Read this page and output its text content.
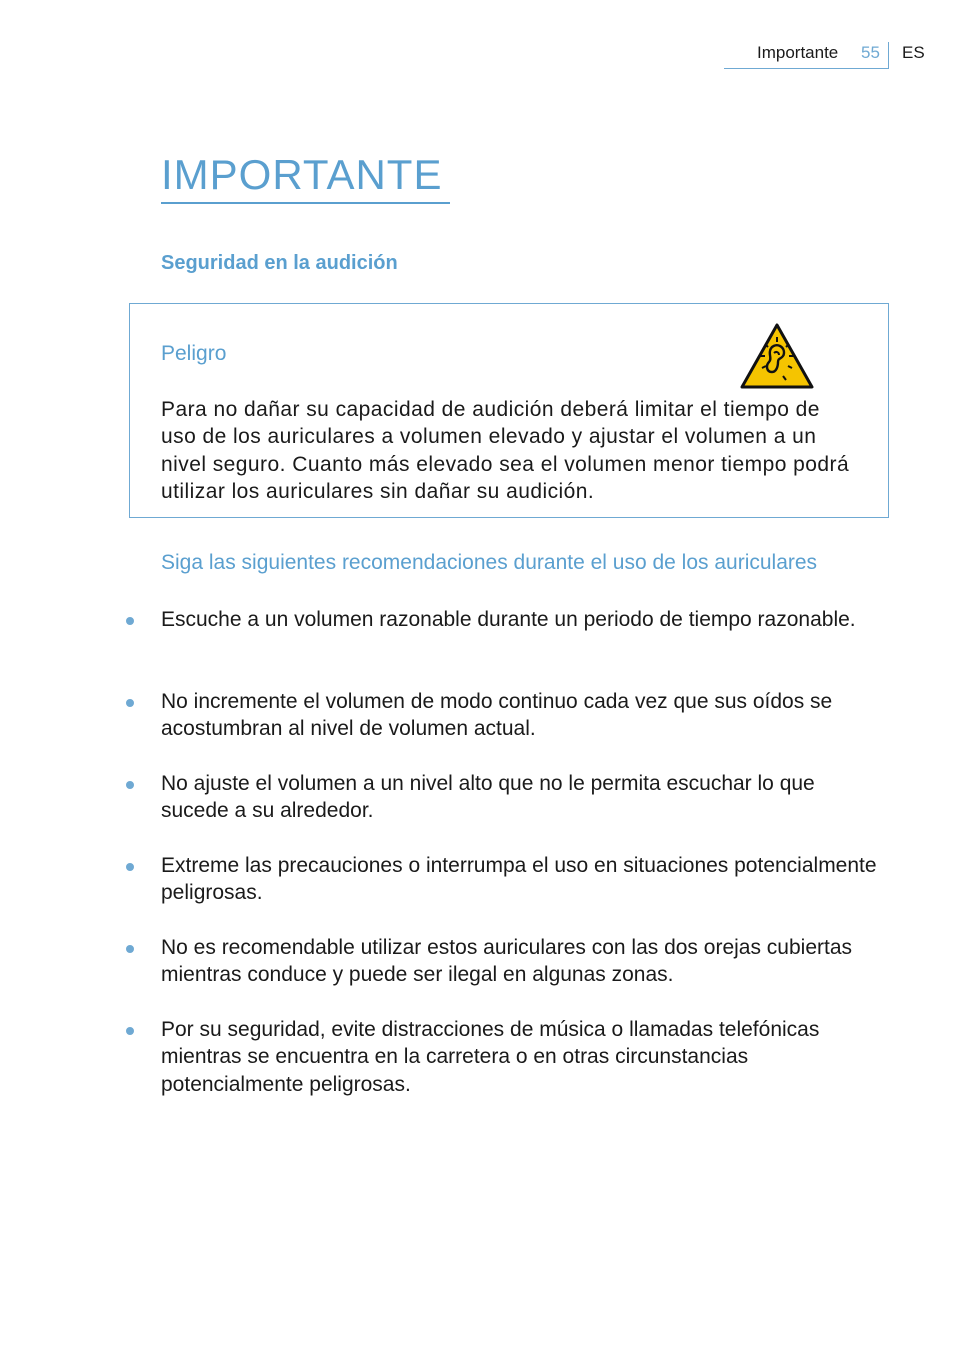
Importante 55 ES
IMPORTANTE
Seguridad en la audición
Peligro
Para no dañar su capacidad de audición deberá limitar el tiempo de uso de los auriculares a volumen elevado y ajustar el volumen a un nivel seguro. Cuanto más elevado sea el volumen menor tiempo podrá utilizar los auriculares sin dañar su audición.
Siga las siguientes recomendaciones durante el uso de los auriculares
Escuche a un volumen razonable durante un periodo de tiempo razonable.
No incremente el volumen de modo continuo cada vez que sus oídos se acostumbran al nivel de volumen actual.
No ajuste el volumen a un nivel alto que no le permita escuchar lo que sucede a su alrededor.
Extreme las precauciones o interrumpa el uso en situaciones potencialmente peligrosas.
No es recomendable utilizar estos auriculares con las dos orejas cubiertas mientras conduce y puede ser ilegal en algunas zonas.
Por su seguridad, evite distracciones de música o llamadas telefónicas mientras se encuentra en la carretera o en otras circunstancias potencialmente peligrosas.
